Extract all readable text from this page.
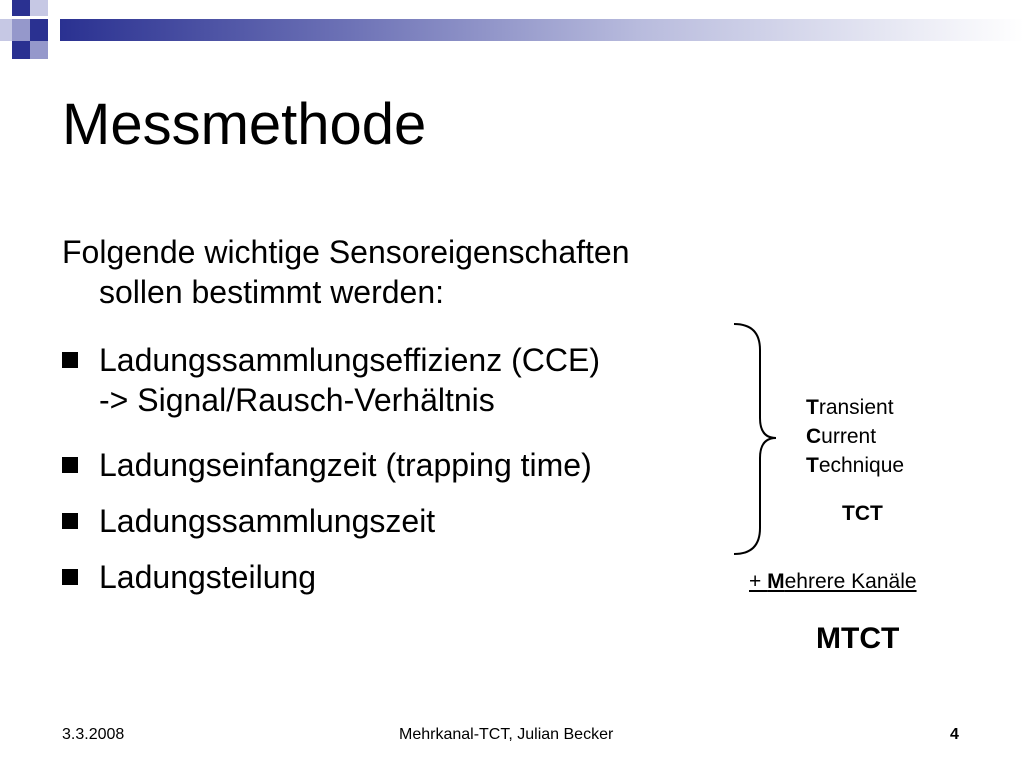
Messmethode
Folgende wichtige Sensoreigenschaften
sollen bestimmt werden:
Ladungssammlungseffizienz (CCE)
-> Signal/Rausch-Verhältnis
Ladungseinfangzeit (trapping time)
Ladungssammlungszeit
Ladungsteilung
Transient
Current
Technique
TCT
+ Mehrere Kanäle
MTCT
3.3.2008	Mehrkanal-TCT, Julian Becker	4
